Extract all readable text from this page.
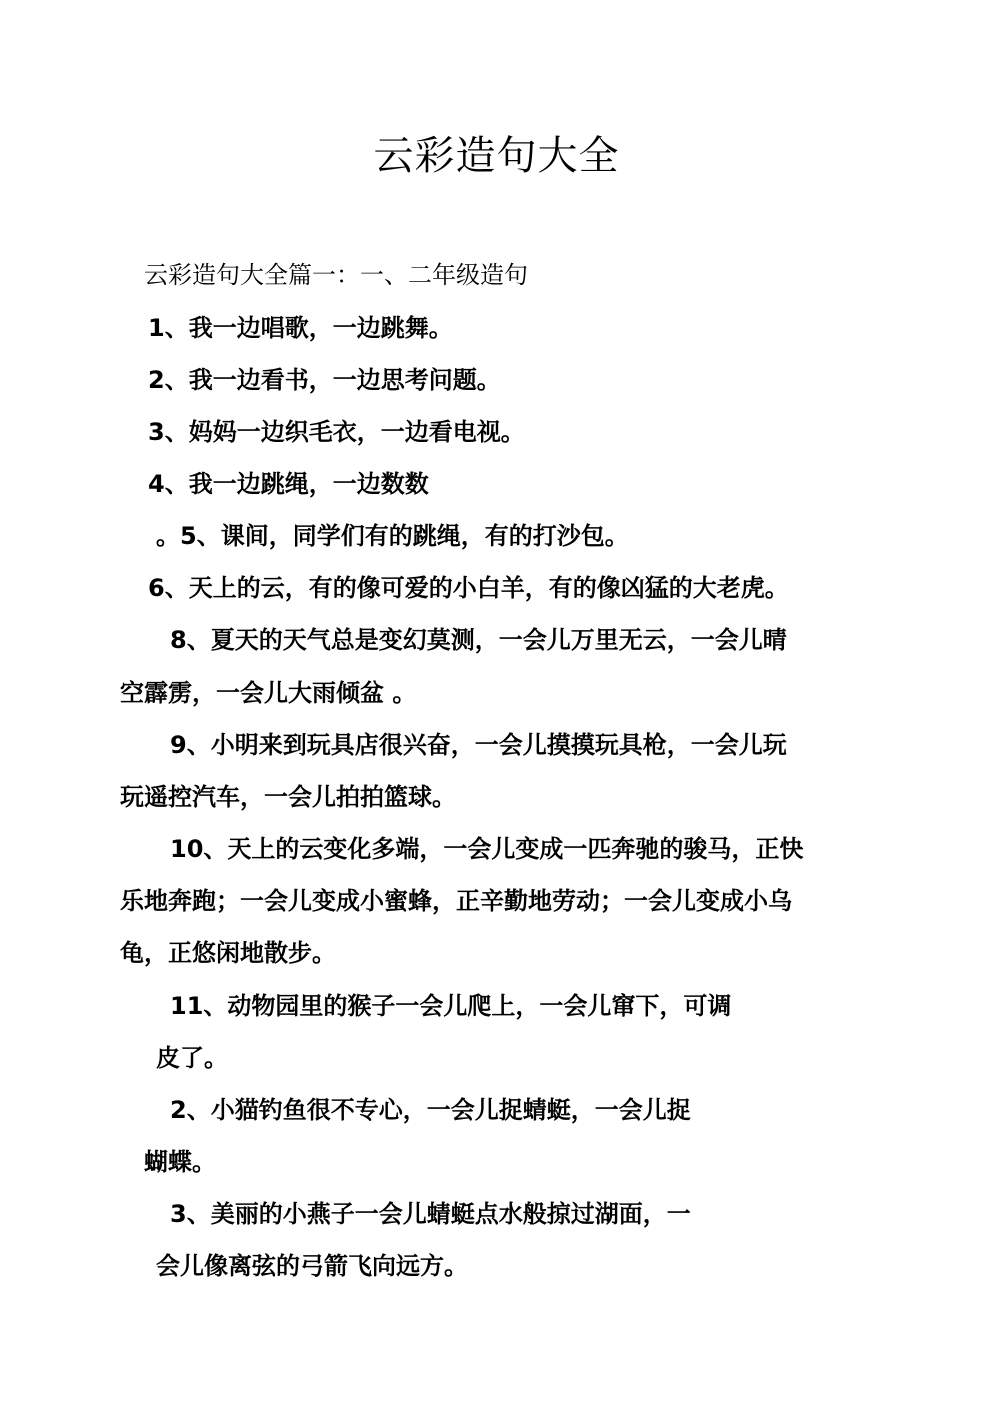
云彩造句大全
云彩造句大全篇一：一、二年级造句
1、我一边唱歌，一边跳舞。
2、我一边看书，一边思考问题。
3、妈妈一边织毛衣，一边看电视。
4、我一边跳绳，一边数数
。5、课间，同学们有的跳绳，有的打沙包。
6、天上的云，有的像可爱的小白羊，有的像凶猛的大老虎。
8、夏天的天气总是变幻莫测，一会儿万里无云，一会儿晴
空霹雳，一会儿大雨倾盆 。
9、小明来到玩具店很兴奋，一会儿摸摸玩具枪，一会儿玩
玩遥控汽车，一会儿拍拍篮球。
10、天上的云变化多端，一会儿变成一匹奔驰的骏马，正快
乐地奔跑；一会儿变成小蜜蜂，正辛勤地劳动；一会儿变成小乌
龟，正悠闲地散步。
11、动物园里的猴子一会儿爬上，一会儿窜下，可调
皮了。
2、小猫钓鱼很不专心，一会儿捉蜻蜓，一会儿捉
蝴蝶。
3、美丽的小燕子一会儿蜻蜓点水般掠过湖面，一
会儿像离弦的弓箭飞向远方。
